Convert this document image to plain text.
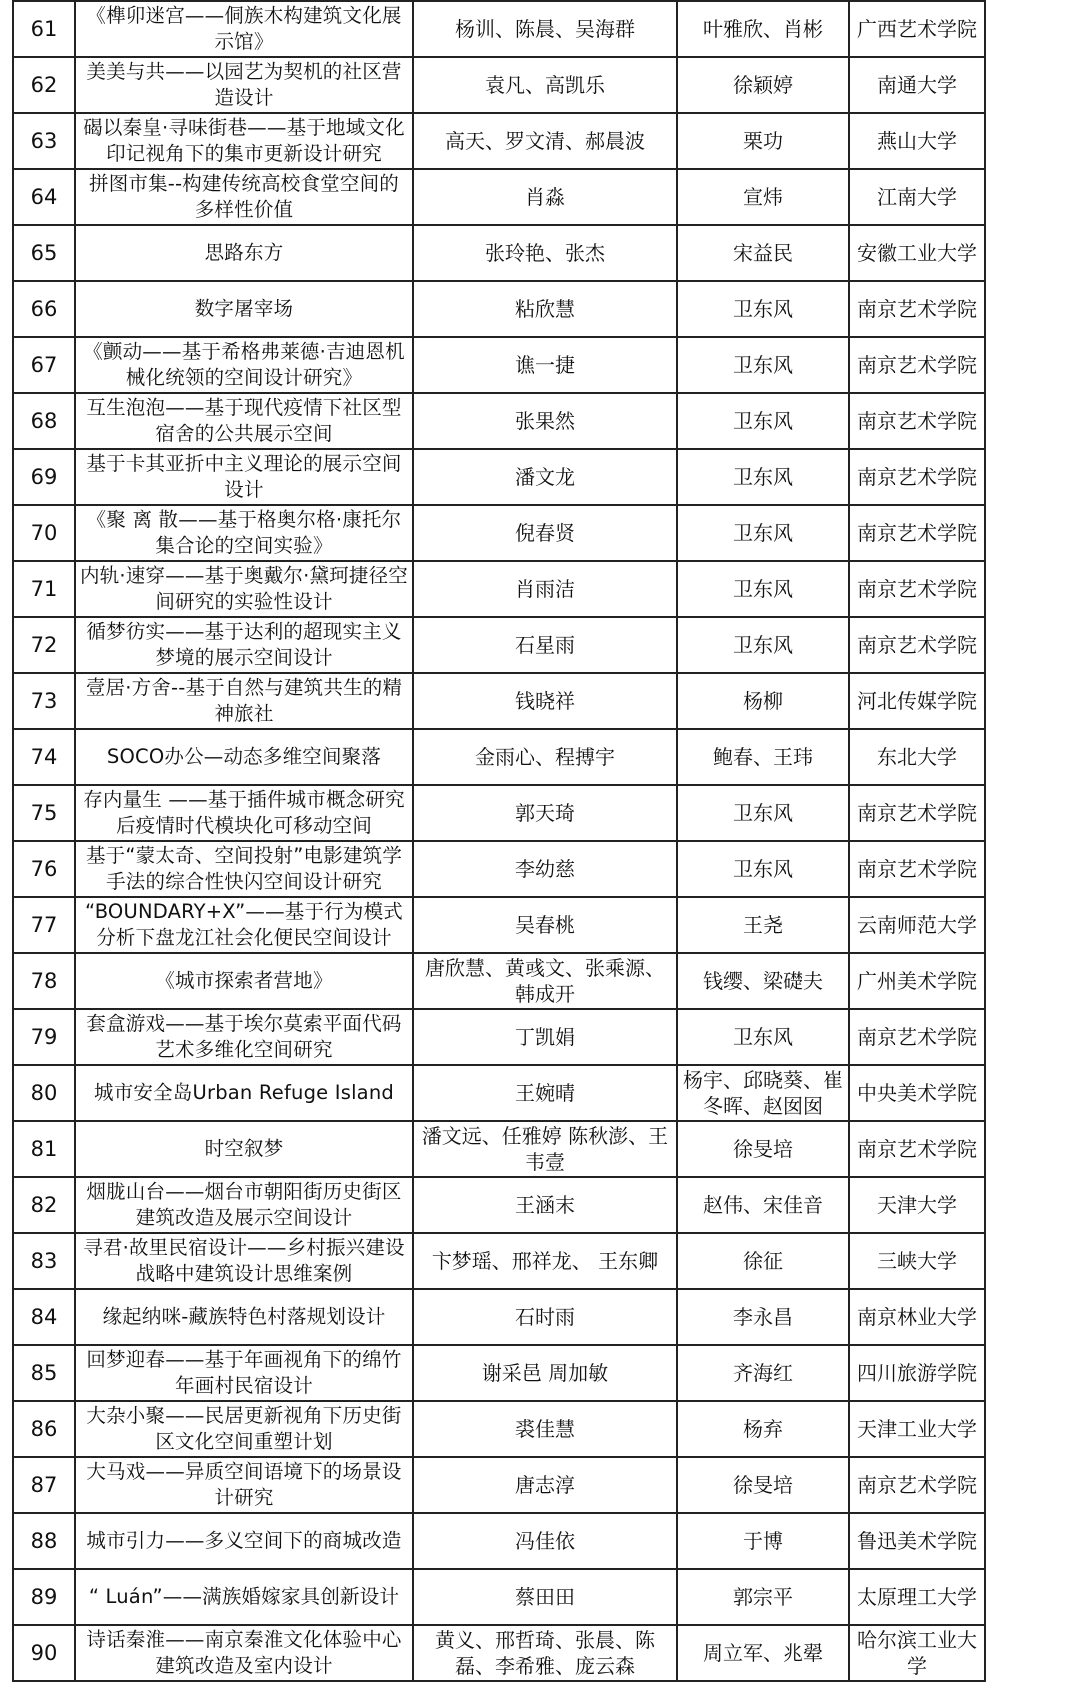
61	《榫卯迷宫——侗族木构建筑文化展示馆》	杨训、陈晨、吴海群	叶雅欣、肖彬	广西艺术学院
62	美美与共——以园艺为契机的社区营造设计	袁凡、高凯乐	徐颖婷	南通大学
63	碣以秦皇·寻味街巷——基于地域文化印记视角下的集市更新设计研究	高天、罗文清、郝晨波	栗功	燕山大学
64	拼图市集--构建传统高校食堂空间的多样性价值	肖淼	宣炜	江南大学
65	思路东方	张玲艳、张杰	宋益民	安徽工业大学
66	数字屠宰场	粘欣慧	卫东风	南京艺术学院
67	《颤动——基于希格弗莱德·吉迪恩机械化统领的空间设计研究》	谯一捷	卫东风	南京艺术学院
68	互生泡泡——基于现代疫情下社区型宿舍的公共展示空间	张果然	卫东风	南京艺术学院
69	基于卡其亚折中主义理论的展示空间设计	潘文龙	卫东风	南京艺术学院
70	《聚 离 散——基于格奥尔格·康托尔集合论的空间实验》	倪春贤	卫东风	南京艺术学院
71	内轨·速穿——基于奥戴尔·黛珂捷径空间研究的实验性设计	肖雨洁	卫东风	南京艺术学院
72	循梦彷实——基于达利的超现实主义梦境的展示空间设计	石星雨	卫东风	南京艺术学院
73	壹居·方舍--基于自然与建筑共生的精神旅社	钱晓祥	杨柳	河北传媒学院
74	SOCO办公—动态多维空间聚落	金雨心、程搏宇	鲍春、王玮	东北大学
75	存内量生 ——基于插件城市概念研究后疫情时代模块化可移动空间	郭天琦	卫东风	南京艺术学院
76	基于“蒙太奇、空间投射”电影建筑学手法的综合性快闪空间设计研究	李幼慈	卫东风	南京艺术学院
77	“BOUNDARY+X”——基于行为模式分析下盘龙江社会化便民空间设计	吴春桃	王尧	云南师范大学
78	《城市探索者营地》	唐欣慧、黄彧文、张乘源、韩成开	钱缨、梁礎夫	广州美术学院
79	套盒游戏——基于埃尔莫索平面代码艺术多维化空间研究	丁凯娟	卫东风	南京艺术学院
80	城市安全岛Urban Refuge Island	王婉晴	杨宇、邱晓葵、崔冬晖、赵囡囡	中央美术学院
81	时空叙梦	潘文远、任雅婷 陈秋澎、王韦壹	徐旻培	南京艺术学院
82	烟胧山台——烟台市朝阳街历史街区建筑改造及展示空间设计	王涵末	赵伟、宋佳音	天津大学
83	寻君·故里民宿设计——乡村振兴建设战略中建筑设计思维案例	卞梦瑶、邢祥龙、 王东卿	徐征	三峡大学
84	缘起纳咪-藏族特色村落规划设计	石时雨	李永昌	南京林业大学
85	回梦迎春——基于年画视角下的绵竹年画村民宿设计	谢采邑 周加敏	齐海红	四川旅游学院
86	大杂小聚——民居更新视角下历史街区文化空间重塑计划	裘佳慧	杨弃	天津工业大学
87	大马戏——异质空间语境下的场景设计研究	唐志淳	徐旻培	南京艺术学院
88	城市引力——多义空间下的商城改造	冯佳依	于博	鲁迅美术学院
89	“ Luán”——满族婚嫁家具创新设计	蔡田田	郭宗平	太原理工大学
90	诗话秦淮——南京秦淮文化体验中心建筑改造及室内设计	黄义、邢哲琦、张晨、陈磊、李希雅、庞云森	周立军、兆翚	哈尔滨工业大学
